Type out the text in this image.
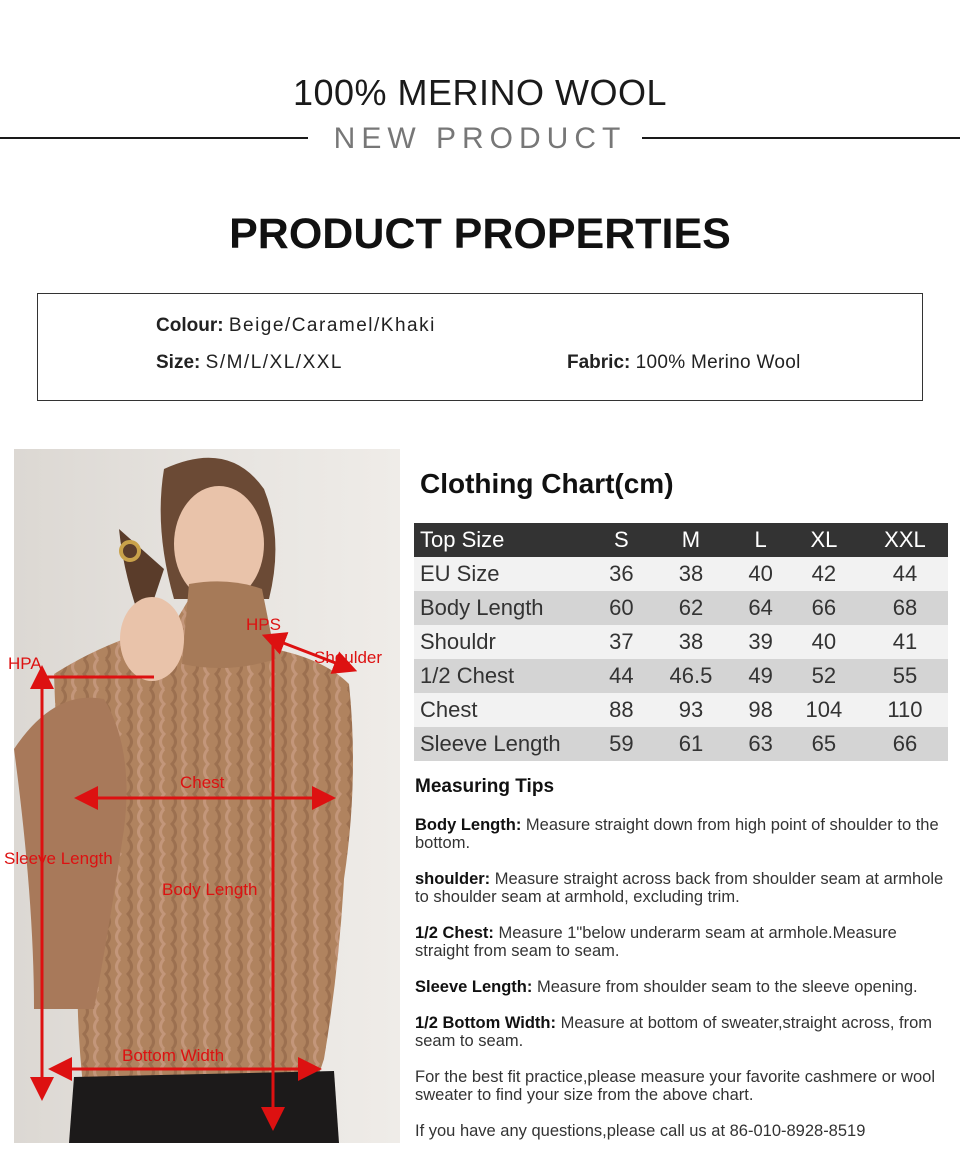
100% MERINO WOOL
NEW PRODUCT
PRODUCT PROPERTIES
Colour: Beige/Caramel/Khaki
Size: S/M/L/XL/XXL	Fabric: 100% Merino Wool
HPS
HPA	Shoulder
Chest
Sleeve Length
Body Length
Bottom Width
Clothing Chart(cm)
Top Size	S	M	L	XL	XXL
EU Size	36	38	40	42	44
Body Length	60	62	64	66	68
Shouldr	37	38	39	40	41
1/2 Chest	44	46.5	49	52	55
Chest	88	93	98	104	110
Sleeve Length	59	61	63	65	66
Measuring Tips
Body Length: Measure straight down from high point of shoulder to the bottom.
shoulder: Measure straight across back from shoulder seam at armhole to shoulder seam at armhold, excluding trim.
1/2 Chest: Measure 1"below underarm seam at armhole.Measure straight from seam to seam.
Sleeve Length: Measure from shoulder seam to the sleeve opening.
1/2 Bottom Width: Measure at bottom of sweater,straight across, from seam to seam.
For the best fit practice,please measure your favorite cashmere or wool sweater to find your size from the above chart.
If you have any questions,please call us at 86-010-8928-8519
